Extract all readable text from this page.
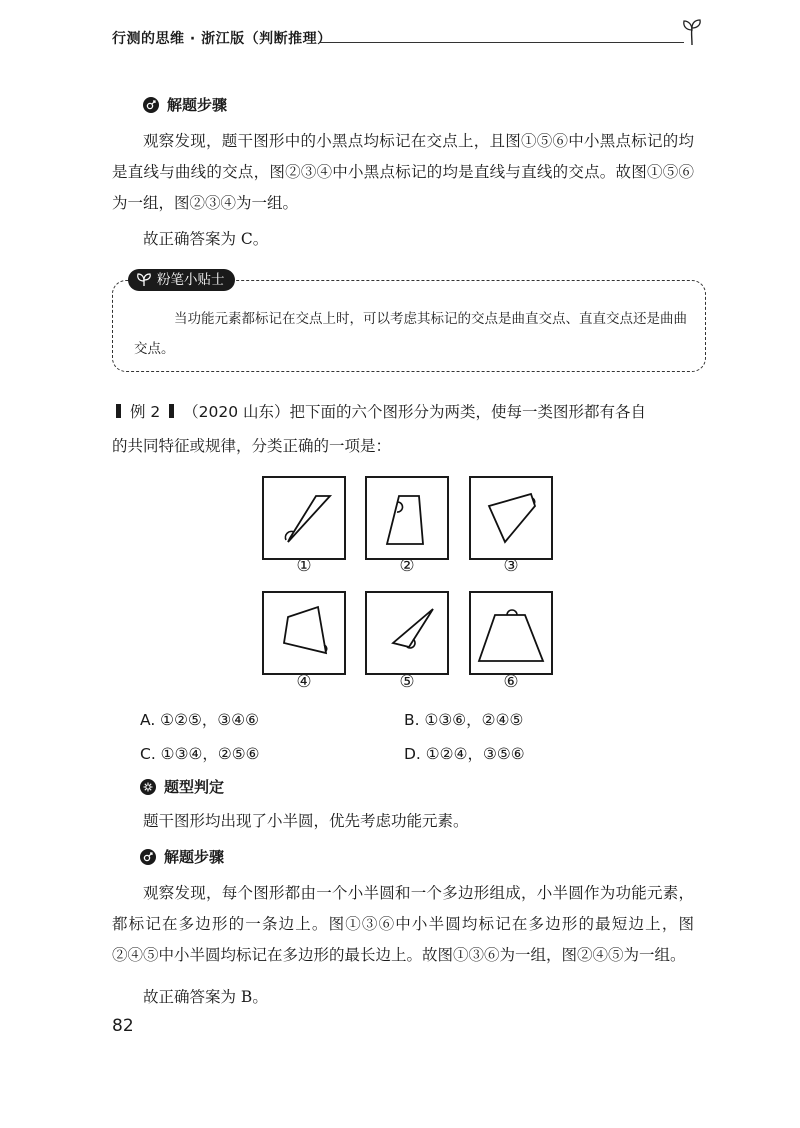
行测的思维 · 浙江版（判断推理）
解题步骤
观察发现，题干图形中的小黑点均标记在交点上，且图①⑤⑥中小黑点标记的均是直线与曲线的交点，图②③④中小黑点标记的均是直线与直线的交点。故图①⑤⑥为一组，图②③④为一组。
故正确答案为 C。
粉笔小贴士
当功能元素都标记在交点上时，可以考虑其标记的交点是曲直交点、直直交点还是曲曲交点。
例 2 （2020 山东）把下面的六个图形分为两类，使每一类图形都有各自
的共同特征或规律，分类正确的一项是：
①	②	③
④	⑤	⑥
A. ①②⑤，③④⑥	B. ①③⑥，②④⑤
C. ①③④，②⑤⑥	D. ①②④，③⑤⑥
题型判定
题干图形均出现了小半圆，优先考虑功能元素。
解题步骤
观察发现，每个图形都由一个小半圆和一个多边形组成，小半圆作为功能元素，都标记在多边形的一条边上。图①③⑥中小半圆均标记在多边形的最短边上，图②④⑤中小半圆均标记在多边形的最长边上。故图①③⑥为一组，图②④⑤为一组。
故正确答案为 B。
82
